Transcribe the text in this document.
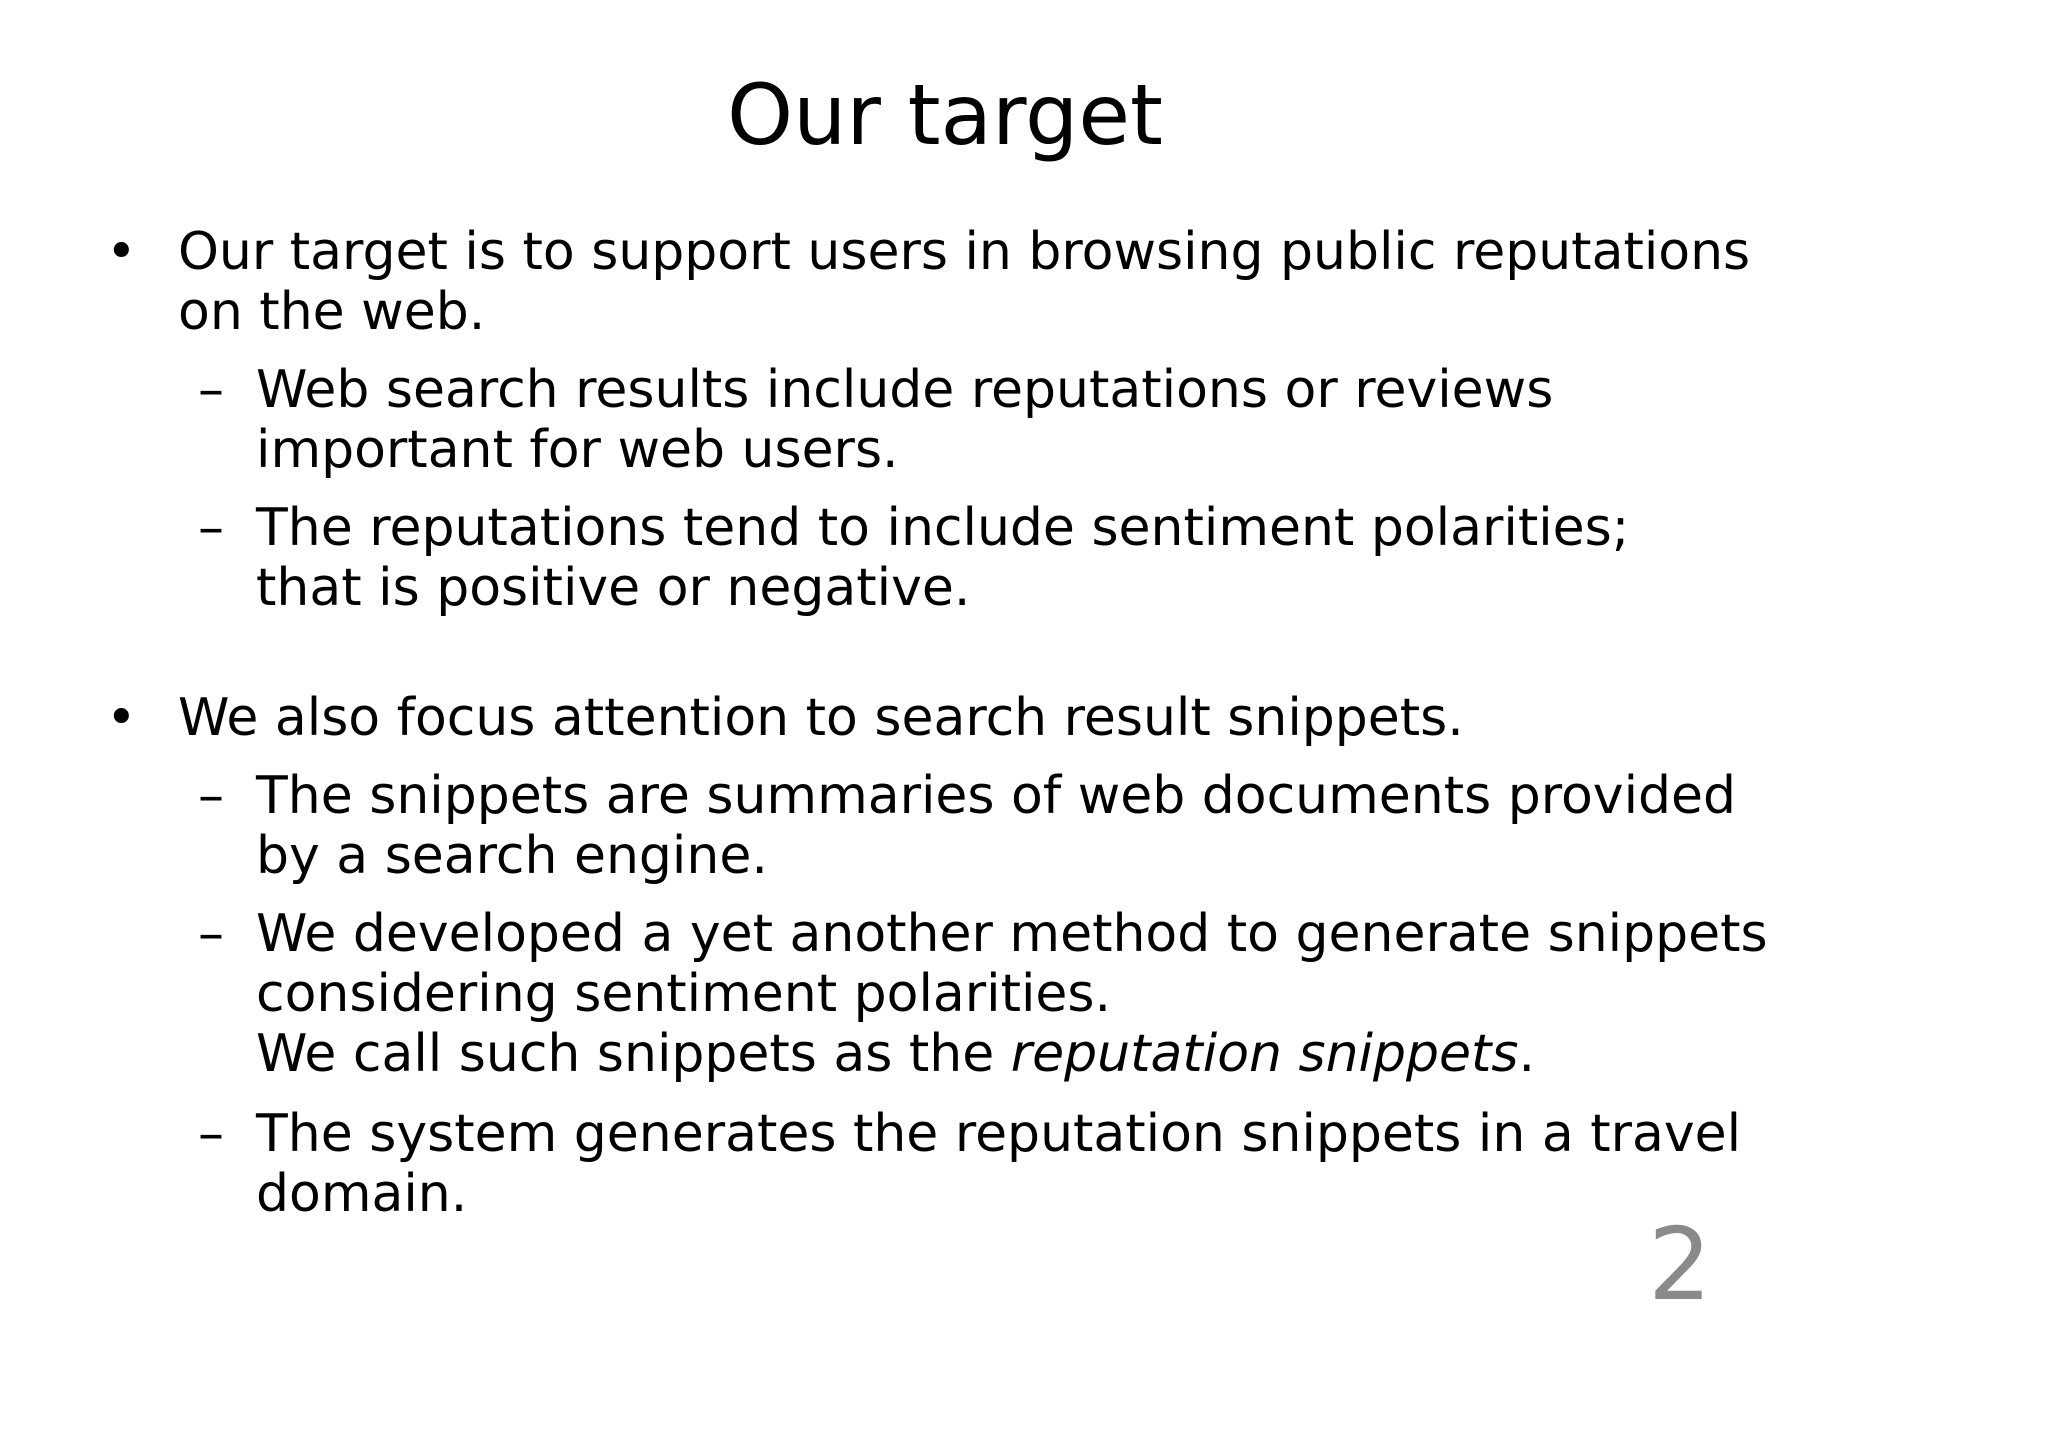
Our target
• Our target is to support users in browsing public reputations
on the web.
– Web search results include reputations or reviews
important for web users.
– The reputations tend to include sentiment polarities;
that is positive or negative.
• We also focus attention to search result snippets.
– The snippets are summaries of web documents provided
by a search engine.
– We developed a yet another method to generate snippets
considering sentiment polarities.
We call such snippets as the reputation snippets.
– The system generates the reputation snippets in a travel
domain.
2
